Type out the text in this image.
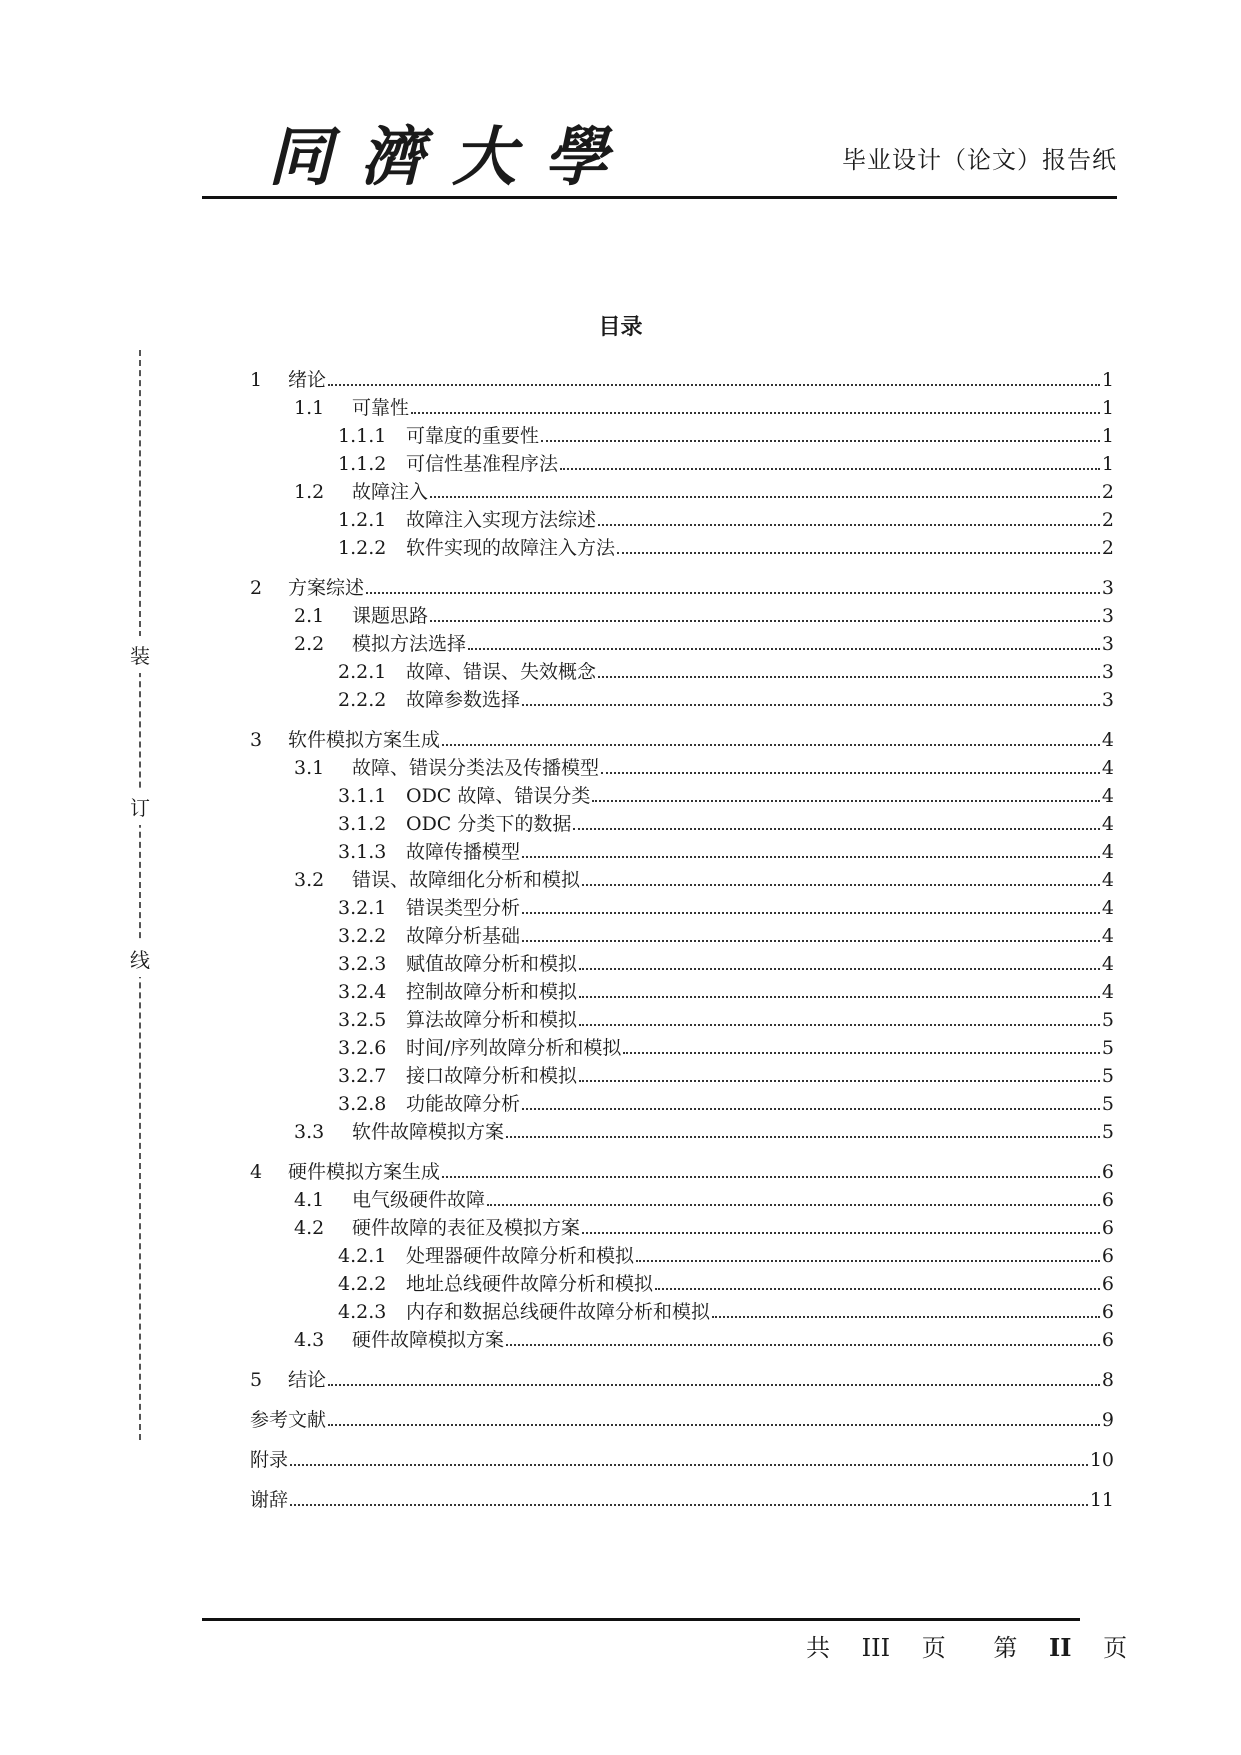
同濟大學	毕业设计（论文）报告纸
装
订
线
目录
1	绪论	1
1.1	可靠性	1
1.1.1	可靠度的重要性	1
1.1.2	可信性基准程序法	1
1.2	故障注入	2
1.2.1	故障注入实现方法综述	2
1.2.2	软件实现的故障注入方法	2
2	方案综述	3
2.1	课题思路	3
2.2	模拟方法选择	3
2.2.1	故障、错误、失效概念	3
2.2.2	故障参数选择	3
3	软件模拟方案生成	4
3.1	故障、错误分类法及传播模型	4
3.1.1	ODC 故障、错误分类	4
3.1.2	ODC 分类下的数据	4
3.1.3	故障传播模型	4
3.2	错误、故障细化分析和模拟	4
3.2.1	错误类型分析	4
3.2.2	故障分析基础	4
3.2.3	赋值故障分析和模拟	4
3.2.4	控制故障分析和模拟	4
3.2.5	算法故障分析和模拟	5
3.2.6	时间/序列故障分析和模拟	5
3.2.7	接口故障分析和模拟	5
3.2.8	功能故障分析	5
3.3	软件故障模拟方案	5
4	硬件模拟方案生成	6
4.1	电气级硬件故障	6
4.2	硬件故障的表征及模拟方案	6
4.2.1	处理器硬件故障分析和模拟	6
4.2.2	地址总线硬件故障分析和模拟	6
4.2.3	内存和数据总线硬件故障分析和模拟	6
4.3	硬件故障模拟方案	6
5	结论	8
参考文献	9
附录	10
谢辞	11
共 III 页 第 II 页
